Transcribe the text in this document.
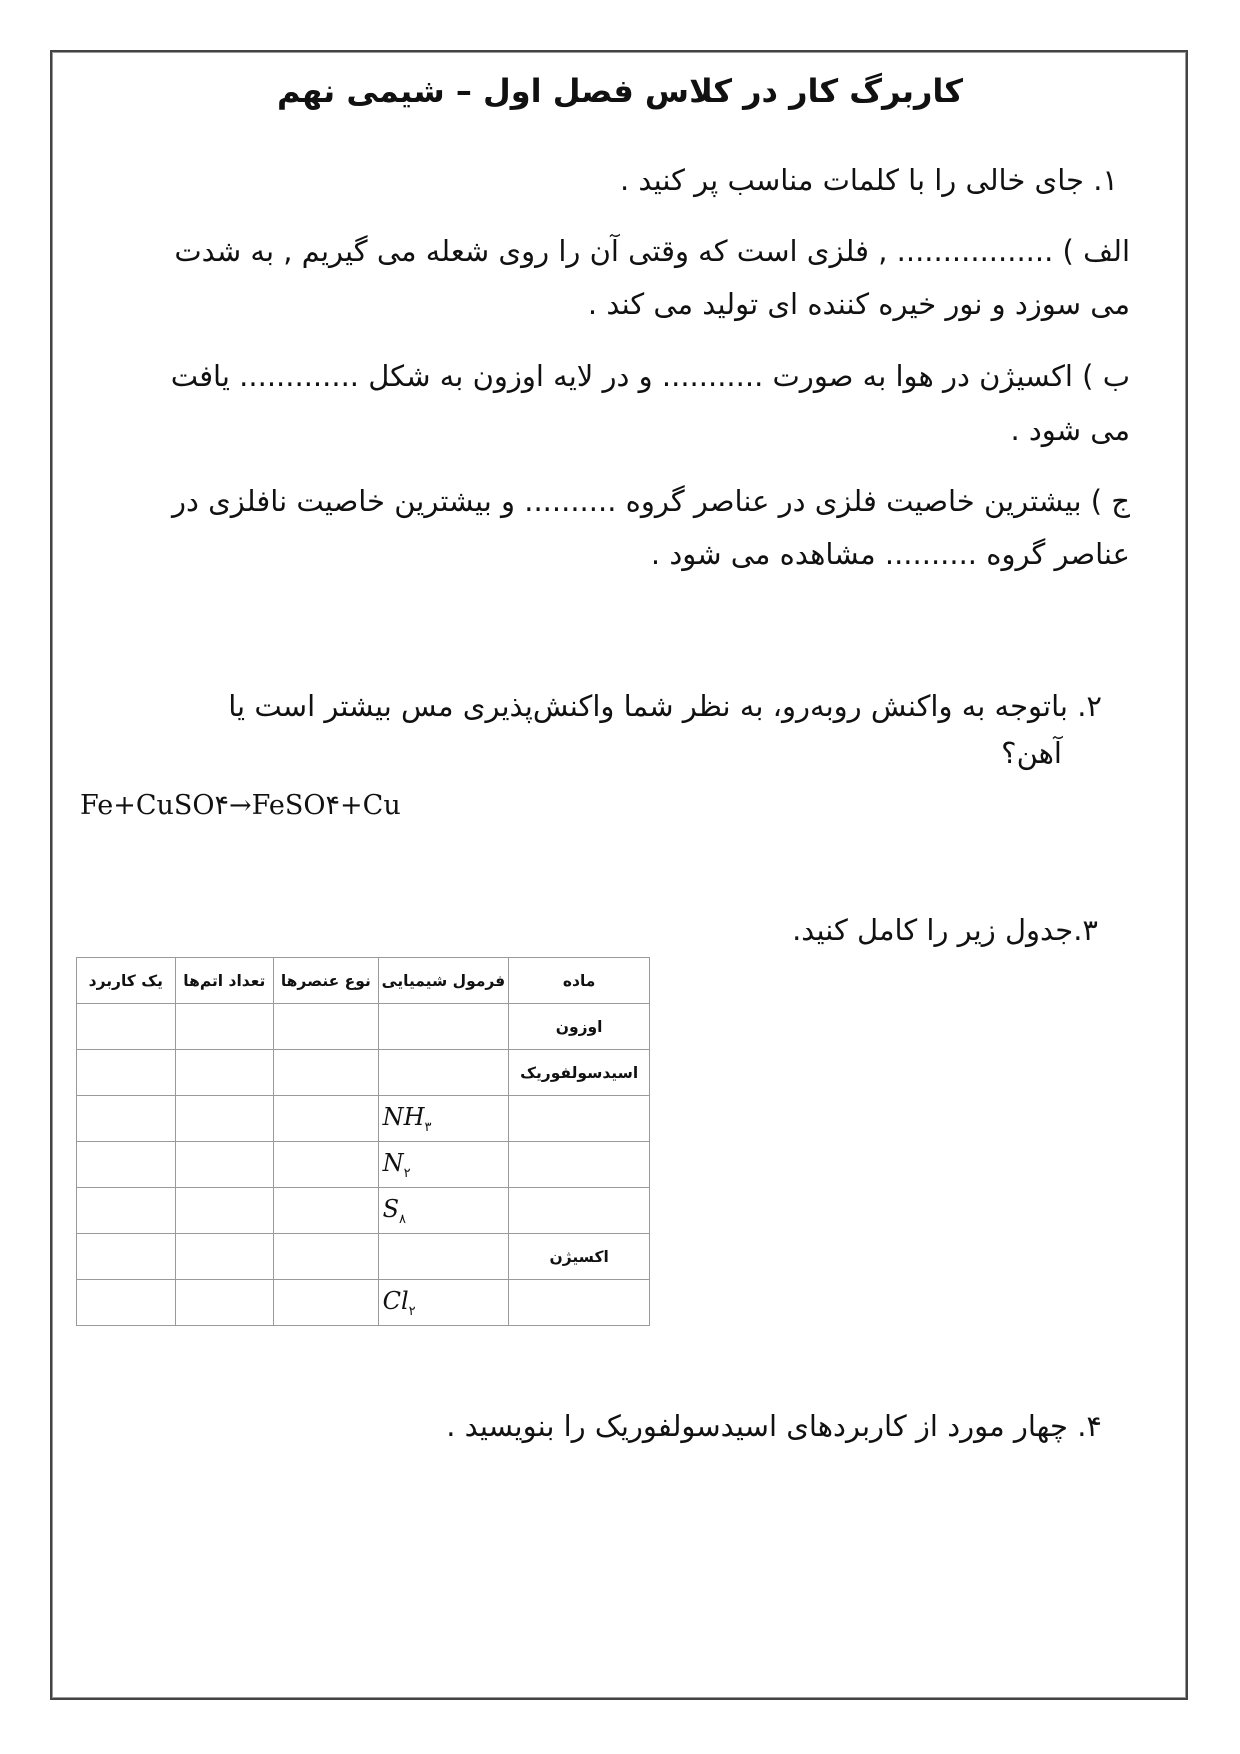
کاربرگ کار در کلاس فصل اول – شیمی نهم
۱. جای خالی را با کلمات مناسب پر کنید .
الف ) ................. , فلزی است که وقتی آن را روی شعله می گیریم , به شدت
می سوزد و نور خیره کننده ای تولید می کند .
ب ) اکسیژن در هوا به صورت ........... و در لایه اوزون به شکل ............. یافت
می شود .
ج ) بیشترین خاصیت فلزی در عناصر گروه .......... و بیشترین خاصیت نافلزی در
عناصر گروه .......... مشاهده می شود .
۲. باتوجه به واکنش روبه‌رو، به نظر شما واکنش‌پذیری مس بیشتر است یا
آهن؟
Fe+CuSO۴→FeSO۴+Cu
۳.جدول زیر را کامل کنید.
ماده	فرمول شیمیایی	نوع عنصرها	تعداد اتم‌ها	یک کاربرد
اوزون				
اسیدسولفوریک				
	$NH_۳$			
	$N_۲$			
	$S_۸$			
اکسیژن				
	$Cl_۲$			
۴. چهار مورد از کاربردهای اسیدسولفوریک را بنویسید .
